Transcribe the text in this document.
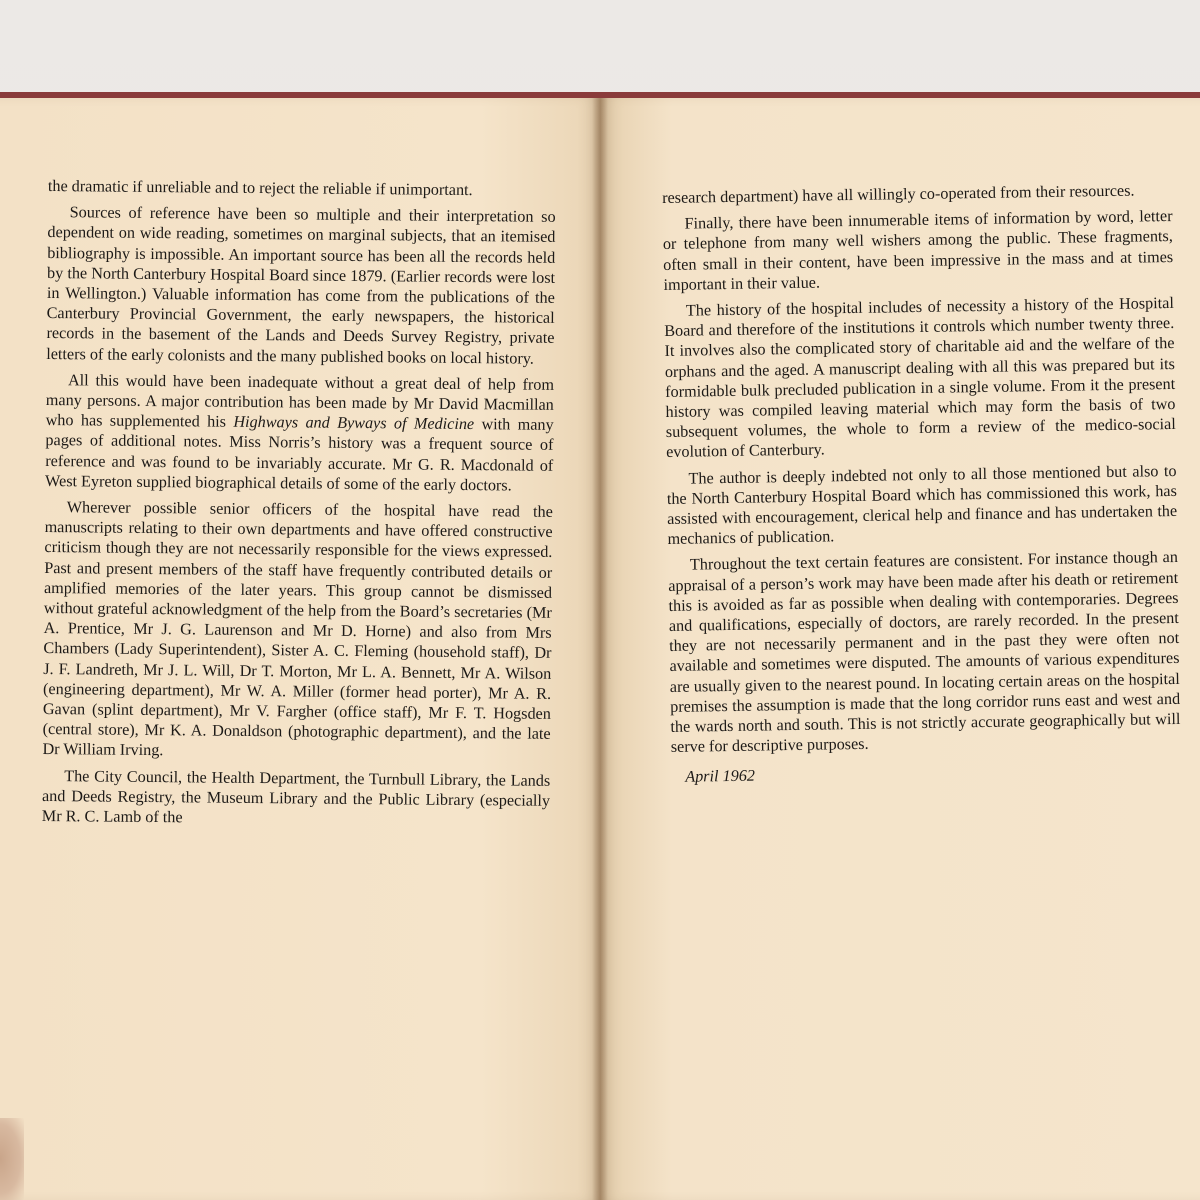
the dramatic if unreliable and to reject the reliable if unimportant.

Sources of reference have been so multiple and their interpretation so dependent on wide reading, sometimes on marginal subjects, that an itemised bibliography is impossible. An important source has been all the records held by the North Canterbury Hospital Board since 1879. (Earlier records were lost in Wellington.) Valuable information has come from the publications of the Canterbury Provincial Government, the early newspapers, the historical records in the basement of the Lands and Deeds Survey Registry, private letters of the early colonists and the many published books on local history.

All this would have been inadequate without a great deal of help from many persons. A major contribution has been made by Mr David Macmillan who has supplemented his Highways and Byways of Medicine with many pages of additional notes. Miss Norris’s history was a frequent source of reference and was found to be invariably accurate. Mr G. R. Macdonald of West Eyreton supplied biographical details of some of the early doctors.

Wherever possible senior officers of the hospital have read the manuscripts relating to their own departments and have offered constructive criticism though they are not necessarily responsible for the views expressed. Past and present members of the staff have frequently contributed details or amplified memories of the later years. This group cannot be dismissed without grateful acknowledgment of the help from the Board’s secretaries (Mr A. Prentice, Mr J. G. Laurenson and Mr D. Horne) and also from Mrs Chambers (Lady Superintendent), Sister A. C. Fleming (household staff), Dr J. F. Landreth, Mr J. L. Will, Dr T. Morton, Mr L. A. Bennett, Mr A. Wilson (engineering department), Mr W. A. Miller (former head porter), Mr A. R. Gavan (splint department), Mr V. Fargher (office staff), Mr F. T. Hogsden (central store), Mr K. A. Donaldson (photographic department), and the late Dr William Irving.

The City Council, the Health Department, the Turnbull Library, the Lands and Deeds Registry, the Museum Library and the Public Library (especially Mr R. C. Lamb of the

research department) have all willingly co-operated from their resources.

Finally, there have been innumerable items of information by word, letter or telephone from many well wishers among the public. These fragments, often small in their content, have been impressive in the mass and at times important in their value.

The history of the hospital includes of necessity a history of the Hospital Board and therefore of the institutions it controls which number twenty three. It involves also the complicated story of charitable aid and the welfare of the orphans and the aged. A manuscript dealing with all this was prepared but its formidable bulk precluded publication in a single volume. From it the present history was compiled leaving material which may form the basis of two subsequent volumes, the whole to form a review of the medico-social evolution of Canterbury.

The author is deeply indebted not only to all those mentioned but also to the North Canterbury Hospital Board which has commissioned this work, has assisted with encouragement, clerical help and finance and has undertaken the mechanics of publication.

Throughout the text certain features are consistent. For instance though an appraisal of a person’s work may have been made after his death or retirement this is avoided as far as possible when dealing with contemporaries. Degrees and qualifications, especially of doctors, are rarely recorded. In the present they are not necessarily permanent and in the past they were often not available and sometimes were disputed. The amounts of various expenditures are usually given to the nearest pound. In locating certain areas on the hospital premises the assumption is made that the long corridor runs east and west and the wards north and south. This is not strictly accurate geographically but will serve for descriptive purposes.

April 1962
